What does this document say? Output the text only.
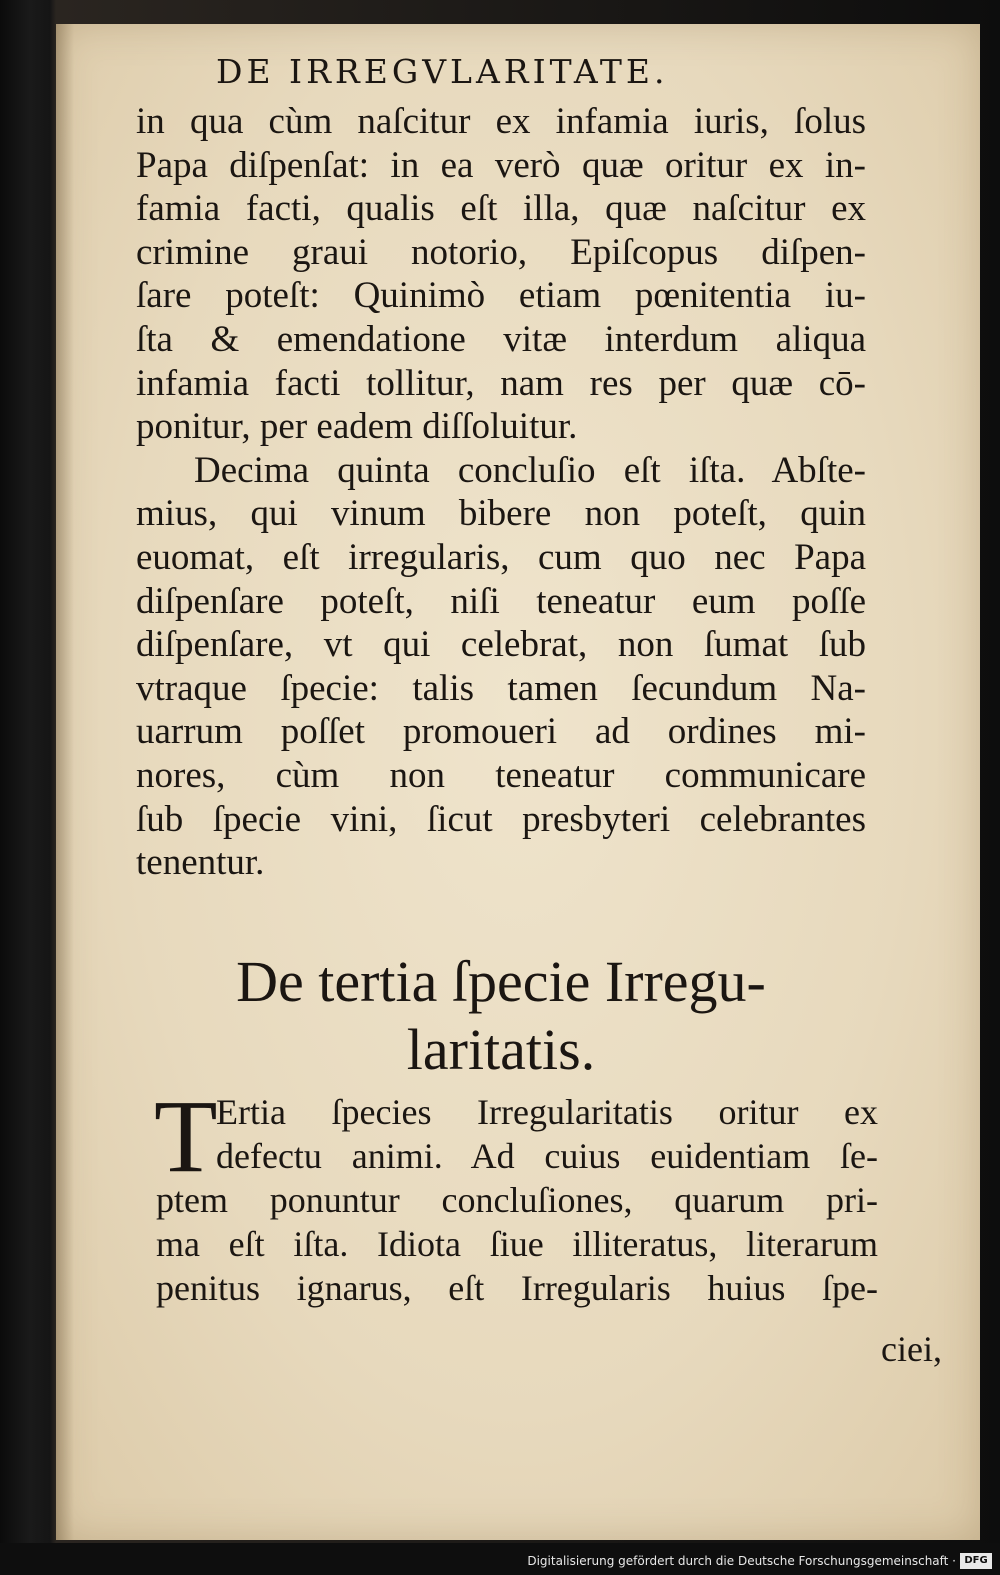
DE IRREGVLARITATE.
in qua cùm naſcitur ex infamia iuris, ſolus
Papa diſpenſat: in ea verò quæ oritur ex in-
famia facti, qualis eſt illa, quæ naſcitur ex
crimine graui notorio, Epiſcopus diſpen-
ſare poteſt: Quinimò etiam pœnitentia iu-
ſta & emendatione vitæ interdum aliqua
infamia facti tollitur, nam res per quæ cō-
ponitur, per eadem diſſoluitur.
Decima quinta concluſio eſt iſta. Abſte-
mius, qui vinum bibere non poteſt, quin
euomat, eſt irregularis, cum quo nec Papa
diſpenſare poteſt, niſi teneatur eum poſſe
diſpenſare, vt qui celebrat, non ſumat ſub
vtraque ſpecie: talis tamen ſecundum Na-
uarrum poſſet promoueri ad ordines mi-
nores, cùm non teneatur communicare
ſub ſpecie vini, ſicut presbyteri celebrantes
tenentur.
De tertia ſpecie Irregu-
laritatis.
T
Ertia ſpecies Irregularitatis oritur ex
defectu animi. Ad cuius euidentiam ſe-
ptem ponuntur concluſiones, quarum pri-
ma eſt iſta. Idiota ſiue illiteratus, literarum
penitus ignarus, eſt Irregularis huius ſpe-
ciei,
Digitalisierung gefördert durch die Deutsche Forschungsgemeinschaft · DFG
